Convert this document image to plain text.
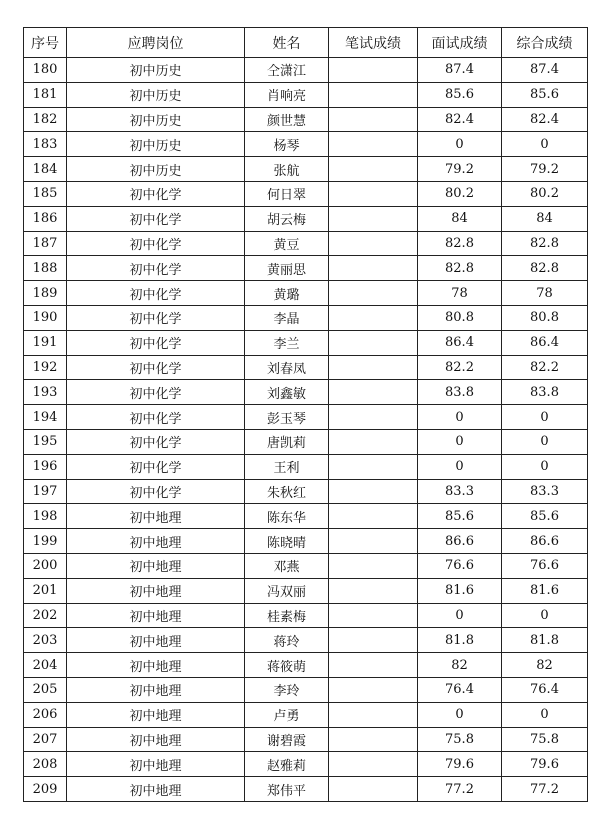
序号	应聘岗位	姓名	笔试成绩	面试成绩	综合成绩
180	初中历史	仝潇江		87.4	87.4
181	初中历史	肖响亮		85.6	85.6
182	初中历史	颜世慧		82.4	82.4
183	初中历史	杨琴		0	0
184	初中历史	张航		79.2	79.2
185	初中化学	何日翠		80.2	80.2
186	初中化学	胡云梅		84	84
187	初中化学	黄豆		82.8	82.8
188	初中化学	黄丽思		82.8	82.8
189	初中化学	黄璐		78	78
190	初中化学	李晶		80.8	80.8
191	初中化学	李兰		86.4	86.4
192	初中化学	刘春凤		82.2	82.2
193	初中化学	刘鑫敏		83.8	83.8
194	初中化学	彭玉琴		0	0
195	初中化学	唐凯莉		0	0
196	初中化学	王利		0	0
197	初中化学	朱秋红		83.3	83.3
198	初中地理	陈东华		85.6	85.6
199	初中地理	陈晓晴		86.6	86.6
200	初中地理	邓燕		76.6	76.6
201	初中地理	冯双丽		81.6	81.6
202	初中地理	桂素梅		0	0
203	初中地理	蒋玲		81.8	81.8
204	初中地理	蒋筱萌		82	82
205	初中地理	李玲		76.4	76.4
206	初中地理	卢勇		0	0
207	初中地理	谢碧霞		75.8	75.8
208	初中地理	赵雅莉		79.6	79.6
209	初中地理	郑伟平		77.2	77.2
